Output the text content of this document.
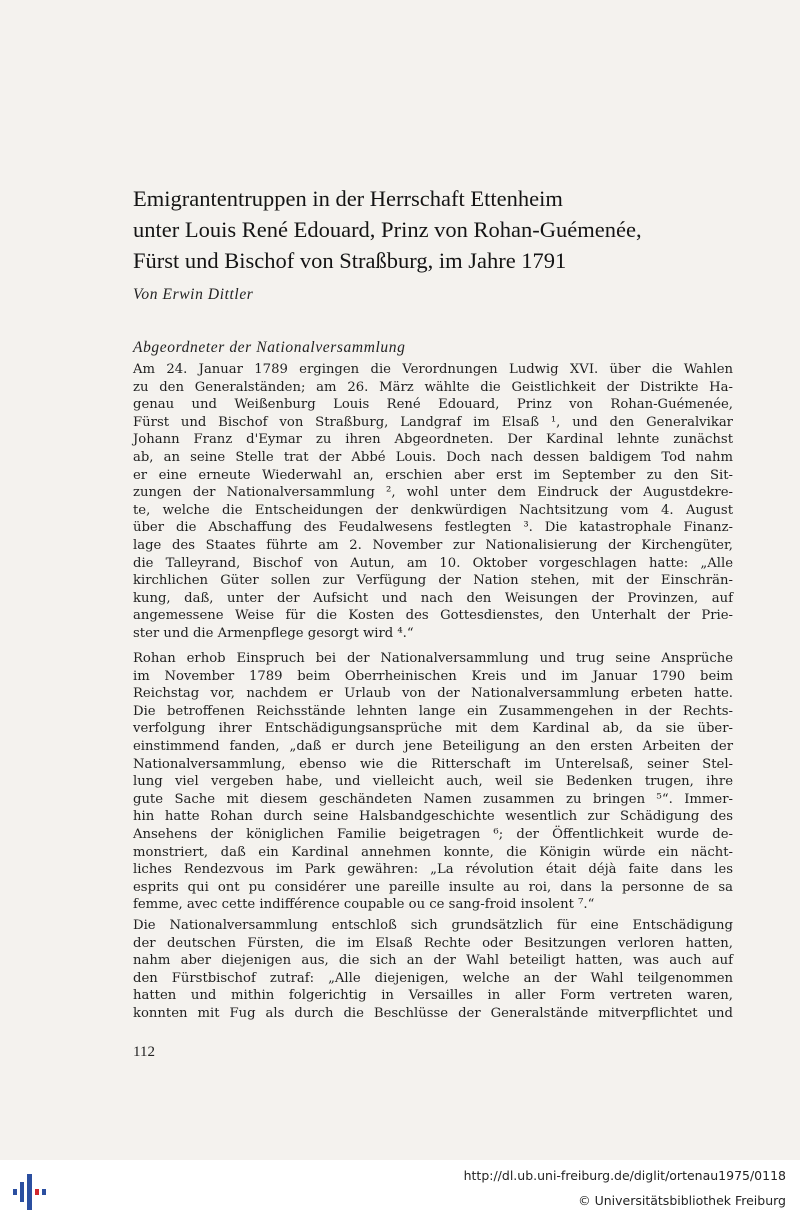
Emigrantentruppen in der Herrschaft Ettenheim
unter Louis René Edouard, Prinz von Rohan-Guémenée,
Fürst und Bischof von Straßburg, im Jahre 1791
Von Erwin Dittler
Abgeordneter der Nationalversammlung
Am 24. Januar 1789 ergingen die Verordnungen Ludwig XVI. über die Wahlen
zu den Generalständen; am 26. März wählte die Geistlichkeit der Distrikte Ha-
genau und Weißenburg Louis René Edouard, Prinz von Rohan-Guémenée,
Fürst und Bischof von Straßburg, Landgraf im Elsaß ¹, und den Generalvikar
Johann Franz d'Eymar zu ihren Abgeordneten. Der Kardinal lehnte zunächst
ab, an seine Stelle trat der Abbé Louis. Doch nach dessen baldigem Tod nahm
er eine erneute Wiederwahl an, erschien aber erst im September zu den Sit-
zungen der Nationalversammlung ², wohl unter dem Eindruck der Augustdekre-
te, welche die Entscheidungen der denkwürdigen Nachtsitzung vom 4. August
über die Abschaffung des Feudalwesens festlegten ³. Die katastrophale Finanz-
lage des Staates führte am 2. November zur Nationalisierung der Kirchengüter,
die Talleyrand, Bischof von Autun, am 10. Oktober vorgeschlagen hatte: „Alle
kirchlichen Güter sollen zur Verfügung der Nation stehen, mit der Einschrän-
kung, daß, unter der Aufsicht und nach den Weisungen der Provinzen, auf
angemessene Weise für die Kosten des Gottesdienstes, den Unterhalt der Prie-
ster und die Armenpflege gesorgt wird ⁴.“
Rohan erhob Einspruch bei der Nationalversammlung und trug seine Ansprüche
im November 1789 beim Oberrheinischen Kreis und im Januar 1790 beim
Reichstag vor, nachdem er Urlaub von der Nationalversammlung erbeten hatte.
Die betroffenen Reichsstände lehnten lange ein Zusammengehen in der Rechts-
verfolgung ihrer Entschädigungsansprüche mit dem Kardinal ab, da sie über-
einstimmend fanden, „daß er durch jene Beteiligung an den ersten Arbeiten der
Nationalversammlung, ebenso wie die Ritterschaft im Unterelsaß, seiner Stel-
lung viel vergeben habe, und vielleicht auch, weil sie Bedenken trugen, ihre
gute Sache mit diesem geschändeten Namen zusammen zu bringen ⁵“. Immer-
hin hatte Rohan durch seine Halsbandgeschichte wesentlich zur Schädigung des
Ansehens der königlichen Familie beigetragen ⁶; der Öffentlichkeit wurde de-
monstriert, daß ein Kardinal annehmen konnte, die Königin würde ein nächt-
liches Rendezvous im Park gewähren: „La révolution était déjà faite dans les
esprits qui ont pu considérer une pareille insulte au roi, dans la personne de sa
femme, avec cette indifférence coupable ou ce sang-froid insolent ⁷.“
Die Nationalversammlung entschloß sich grundsätzlich für eine Entschädigung
der deutschen Fürsten, die im Elsaß Rechte oder Besitzungen verloren hatten,
nahm aber diejenigen aus, die sich an der Wahl beteiligt hatten, was auch auf
den Fürstbischof zutraf: „Alle diejenigen, welche an der Wahl teilgenommen
hatten und mithin folgerichtig in Versailles in aller Form vertreten waren,
konnten mit Fug als durch die Beschlüsse der Generalstände mitverpflichtet und
112
http://dl.ub.uni-freiburg.de/diglit/ortenau1975/0118
© Universitätsbibliothek Freiburg
